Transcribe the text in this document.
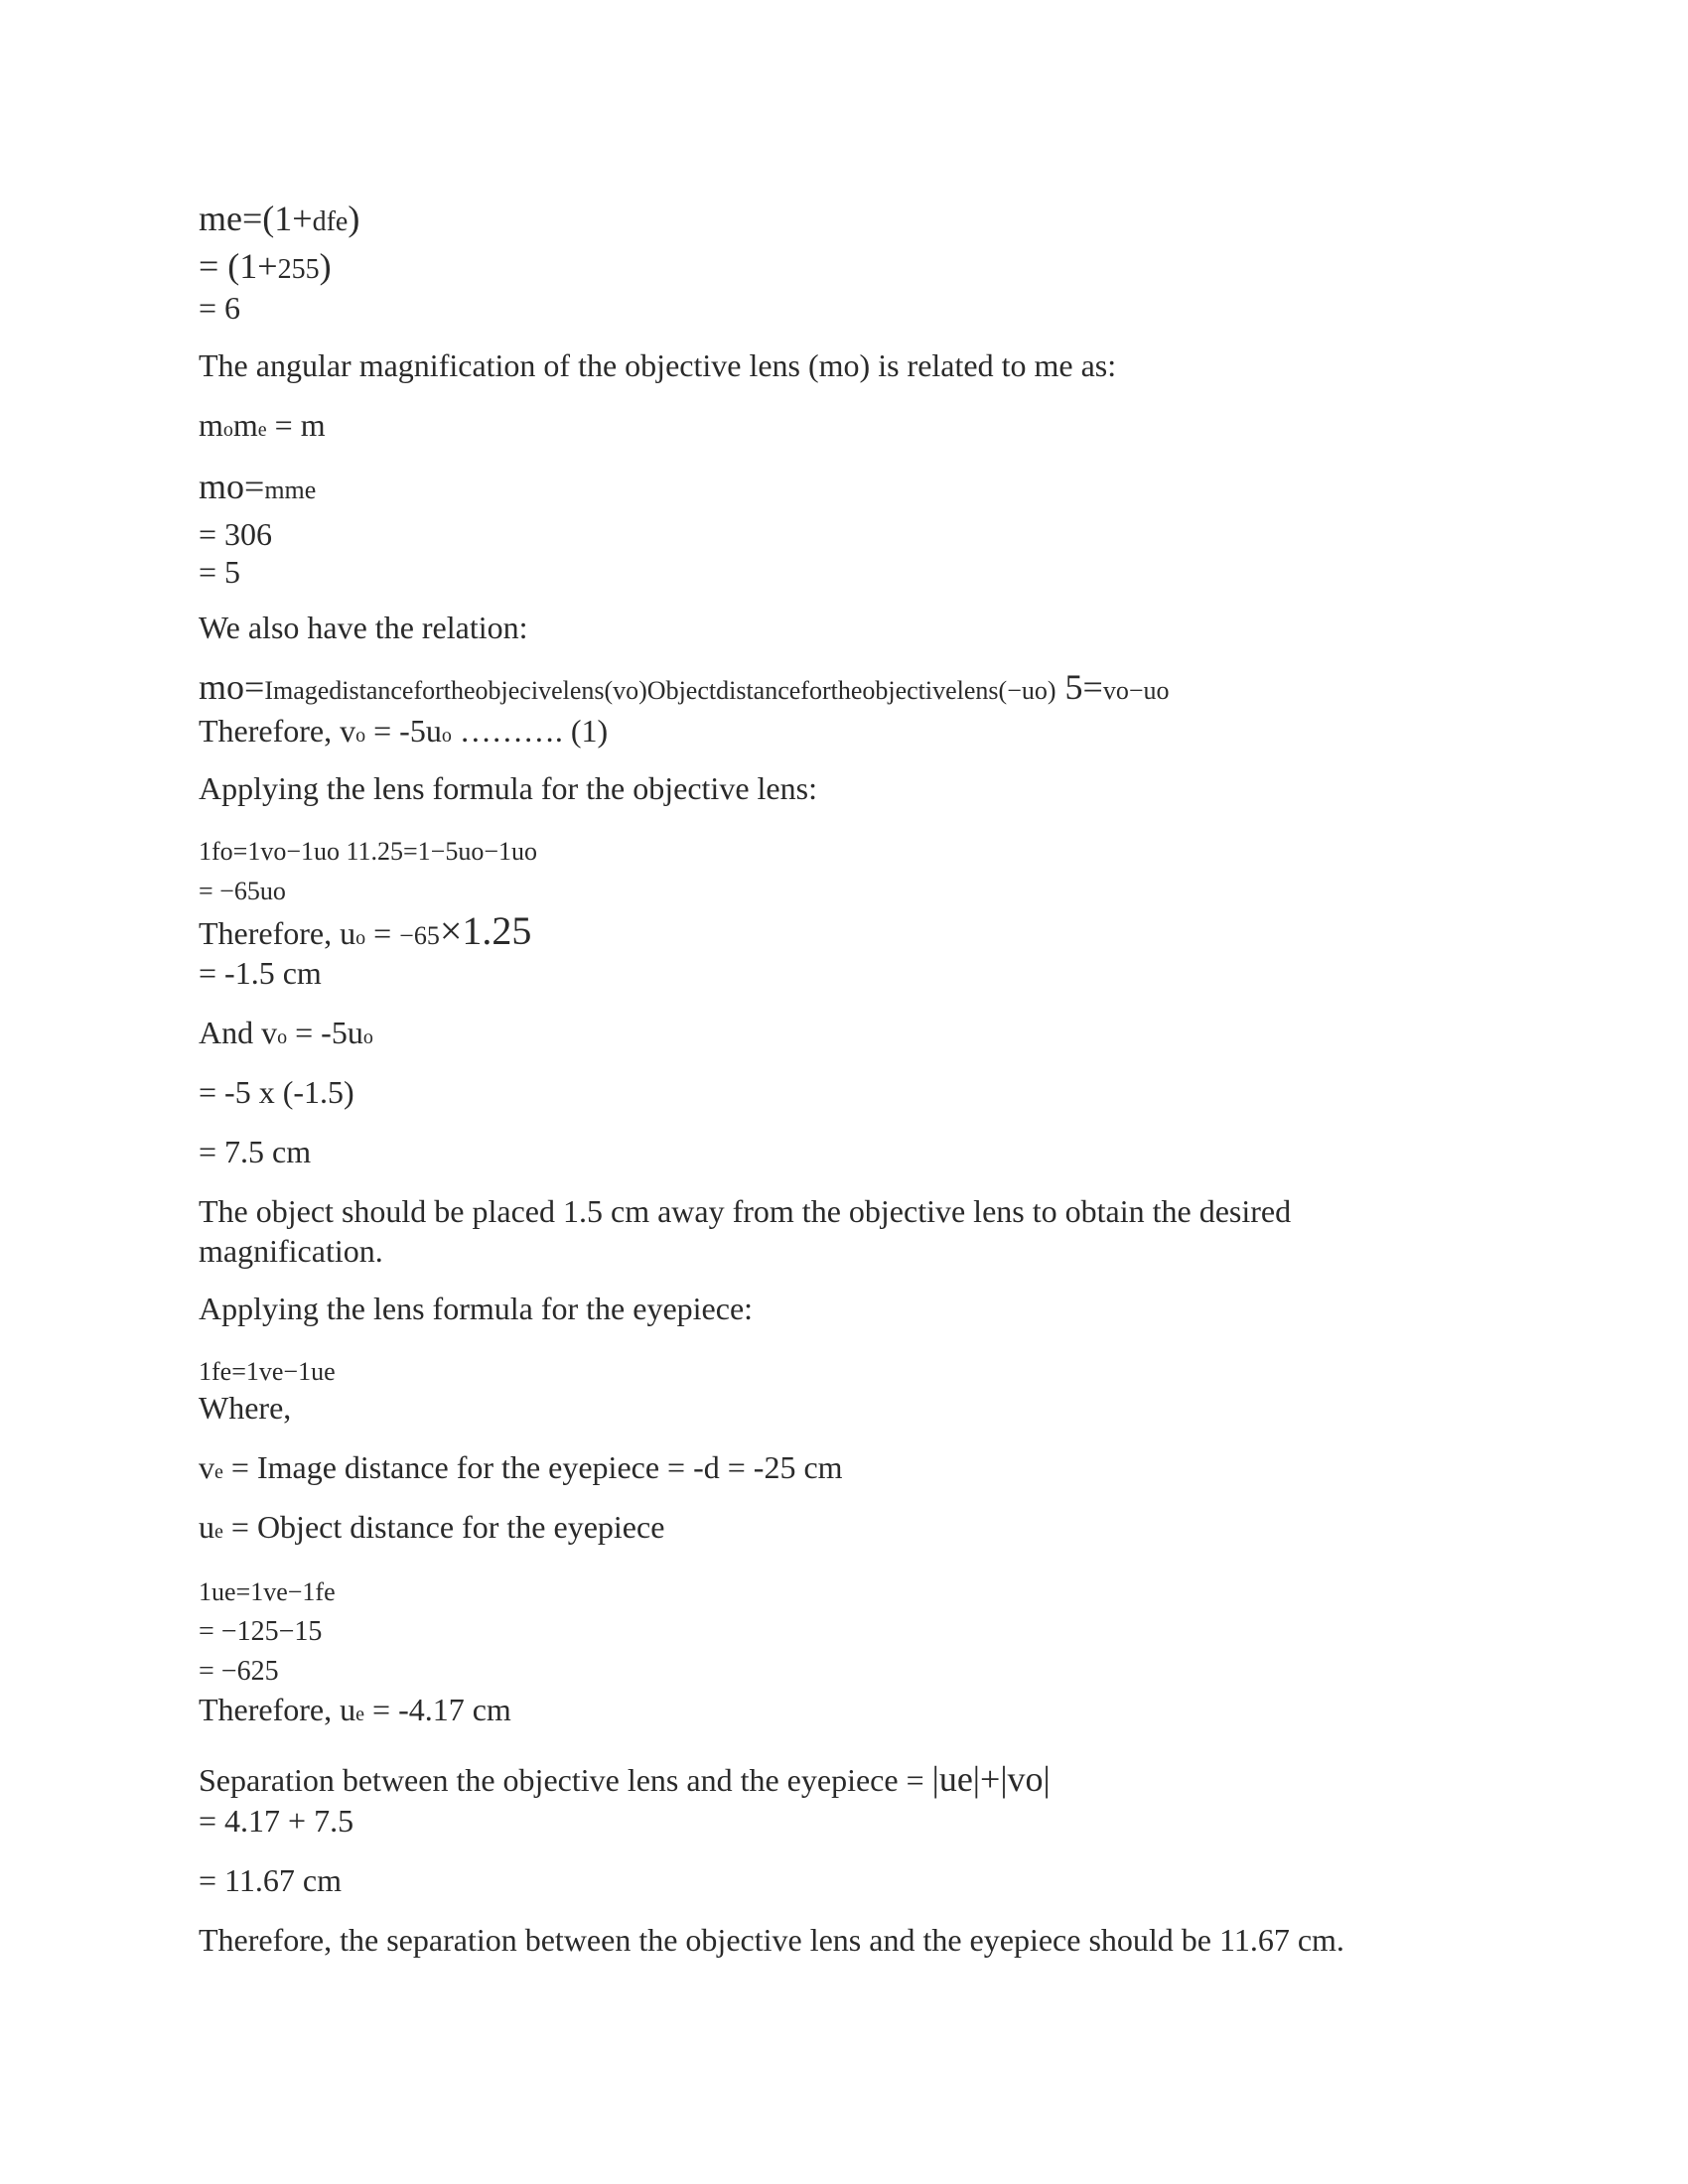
me=(1+dfe)
= (1+255)
= 6
The angular magnification of the objective lens (mo) is related to me as:
mome = m
mo=mme
= 306
= 5
We also have the relation:
mo=Imagedistancefortheobjecivelens(vo)Objectdistancefortheobjectivelens(−uo) 5=vo−uo
Therefore, vo = -5uo ………. (1)
Applying the lens formula for the objective lens:
1fo=1vo−1uo 11.25=1−5uo−1uo
= −65uo
Therefore, uo = −65×1.25
= -1.5 cm
And vo = -5uo
= -5 x (-1.5)
= 7.5 cm
The object should be placed 1.5 cm away from the objective lens to obtain the desired
magnification.
Applying the lens formula for the eyepiece:
1fe=1ve−1ue
Where,
ve = Image distance for the eyepiece = -d = -25 cm
ue = Object distance for the eyepiece
1ue=1ve−1fe
= −125−15
= −625
Therefore, ue = -4.17 cm
Separation between the objective lens and the eyepiece = |ue|+|vo|
= 4.17 + 7.5
= 11.67 cm
Therefore, the separation between the objective lens and the eyepiece should be 11.67 cm.
